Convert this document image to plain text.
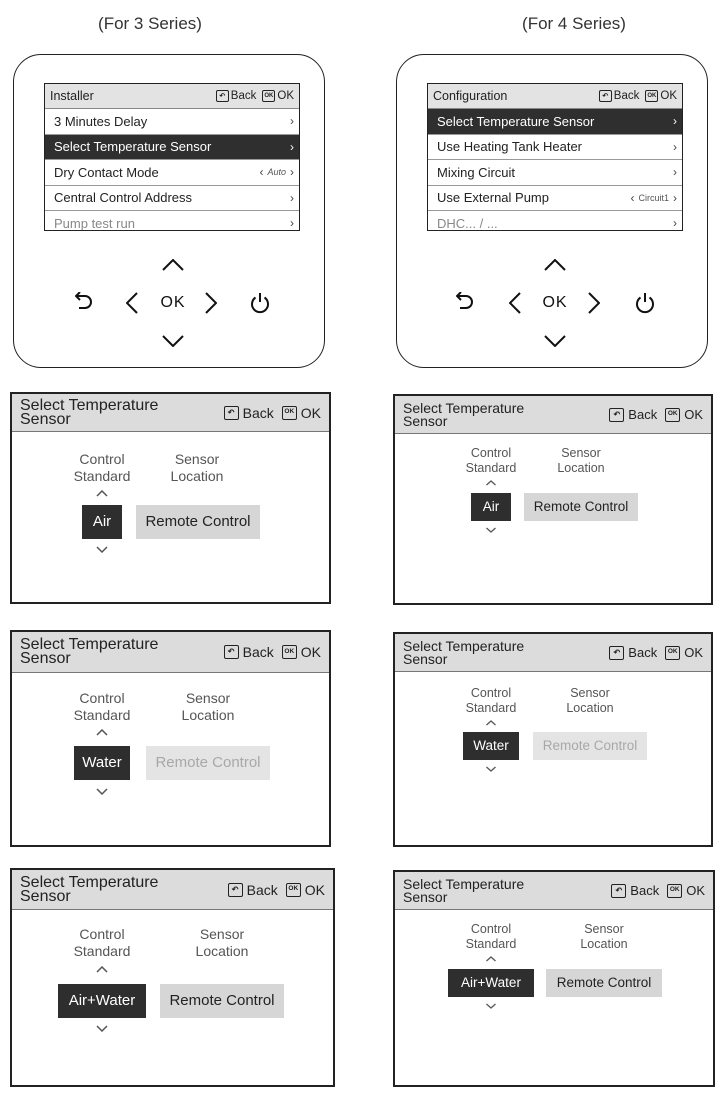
(For 3 Series)	(For 4 Series)
Installer	↶ Back	OK OK
3 Minutes Delay	›
Select Temperature Sensor	›
Dry Contact Mode	‹ Auto ›
Central Control Address	›
Pump test run	›
OK
Configuration	↶ Back	OK OK
Select Temperature Sensor	›
Use Heating Tank Heater	›
Mixing Circuit	›
Use External Pump	‹ Circuit1 ›
DHC... / ...	›
OK
Select Temperature
Sensor	↶ Back	OK OK
Control
Standard
Sensor
Location
Air	Remote Control
Select Temperature
Sensor	↶ Back	OK OK
Control
Standard
Sensor
Location
Water	Remote Control
Select Temperature
Sensor	↶ Back	OK OK
Control
Standard
Sensor
Location
Air+Water	Remote Control
Select Temperature
Sensor	↶ Back	OK OK
Control
Standard
Sensor
Location
Air	Remote Control
Select Temperature
Sensor	↶ Back	OK OK
Control
Standard
Sensor
Location
Water	Remote Control
Select Temperature
Sensor	↶ Back	OK OK
Control
Standard
Sensor
Location
Air+Water	Remote Control
